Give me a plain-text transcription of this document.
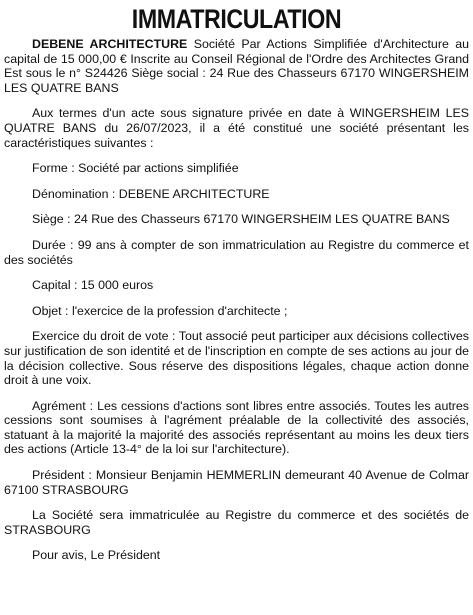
IMMATRICULATION

DEBENE ARCHITECTURE Société Par Actions Simplifiée d'Architecture au capital de 15 000,00 € Inscrite au Conseil Régional de l'Ordre des Architectes Grand Est sous le n° S24426 Siège social : 24 Rue des Chasseurs 67170 WINGERSHEIM LES QUATRE BANS

Aux termes d'un acte sous signature privée en date à WINGERSHEIM LES QUATRE BANS du 26/07/2023, il a été constitué une société présentant les caractéristiques suivantes :

Forme : Société par actions simplifiée

Dénomination : DEBENE ARCHITECTURE

Siège : 24 Rue des Chasseurs 67170 WINGERSHEIM LES QUATRE BANS

Durée : 99 ans à compter de son immatriculation au Registre du commerce et des sociétés

Capital : 15 000 euros

Objet : l'exercice de la profession d'architecte ;

Exercice du droit de vote : Tout associé peut participer aux décisions collectives sur justification de son identité et de l'inscription en compte de ses actions au jour de la décision collective. Sous réserve des dispositions légales, chaque action donne droit à une voix.

Agrément : Les cessions d'actions sont libres entre associés. Toutes les autres cessions sont soumises à l'agrément préalable de la collectivité des associés, statuant à la majorité la majorité des associés représentant au moins les deux tiers des actions (Article 13-4° de la loi sur l'architecture).

Président : Monsieur Benjamin HEMMERLIN demeurant 40 Avenue de Colmar 67100 STRASBOURG

La Société sera immatriculée au Registre du commerce et des sociétés de STRASBOURG

Pour avis, Le Président
